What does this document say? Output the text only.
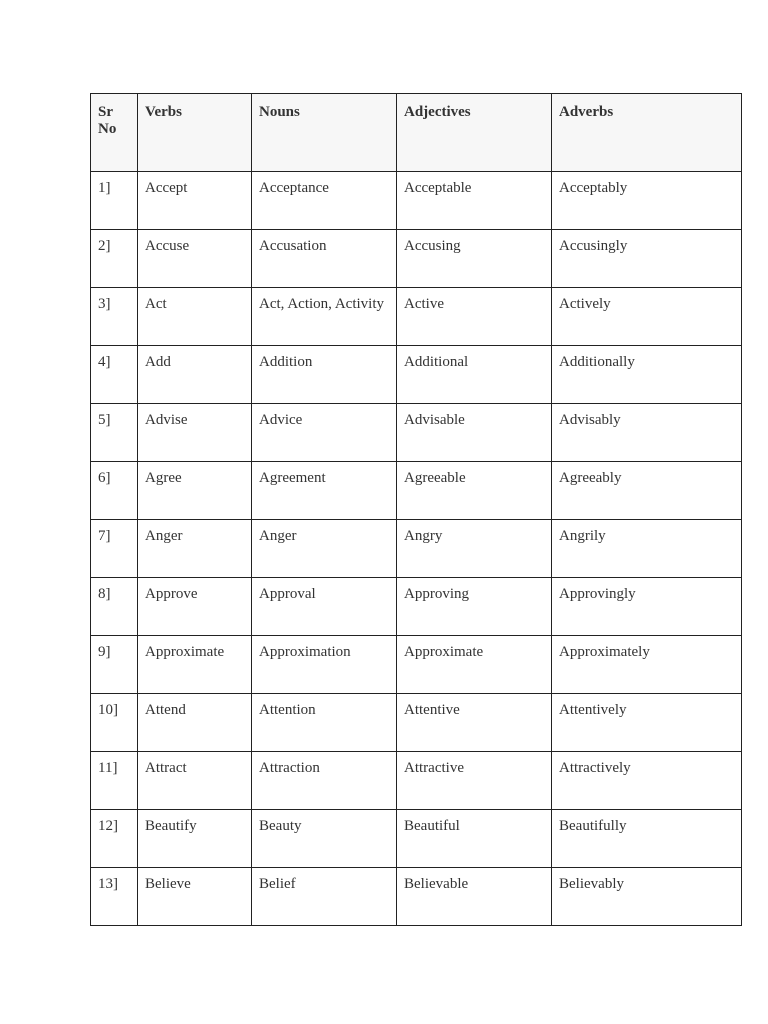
Sr No	Verbs	Nouns	Adjectives	Adverbs
1]	Accept	Acceptance	Acceptable	Acceptably
2]	Accuse	Accusation	Accusing	Accusingly
3]	Act	Act, Action, Activity	Active	Actively
4]	Add	Addition	Additional	Additionally
5]	Advise	Advice	Advisable	Advisably
6]	Agree	Agreement	Agreeable	Agreeably
7]	Anger	Anger	Angry	Angrily
8]	Approve	Approval	Approving	Approvingly
9]	Approximate	Approximation	Approximate	Approximately
10]	Attend	Attention	Attentive	Attentively
11]	Attract	Attraction	Attractive	Attractively
12]	Beautify	Beauty	Beautiful	Beautifully
13]	Believe	Belief	Believable	Believably
